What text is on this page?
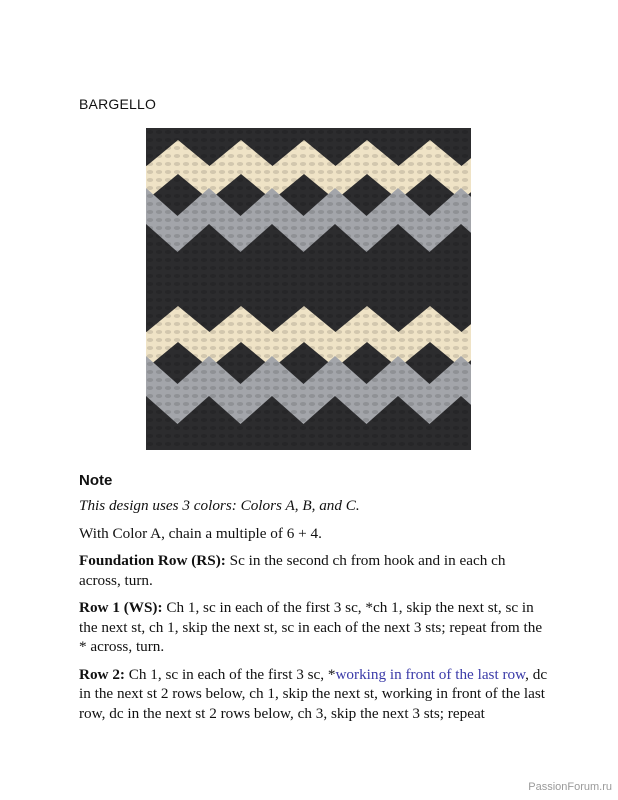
BARGELLO
Note

This design uses 3 colors: Colors A, B, and C.

With Color A, chain a multiple of 6 + 4.

Foundation Row (RS): Sc in the second ch from hook and in each ch across, turn.

Row 1 (WS): Ch 1, sc in each of the first 3 sc, *ch 1, skip the next st, sc in the next st, ch 1, skip the next st, sc in each of the next 3 sts; repeat from the * across, turn.

Row 2: Ch 1, sc in each of the first 3 sc, *working in front of the last row, dc in the next st 2 rows below, ch 1, skip the next st, working in front of the last row, dc in the next st 2 rows below, ch 3, skip the next 3 sts; repeat

PassionForum.ru
